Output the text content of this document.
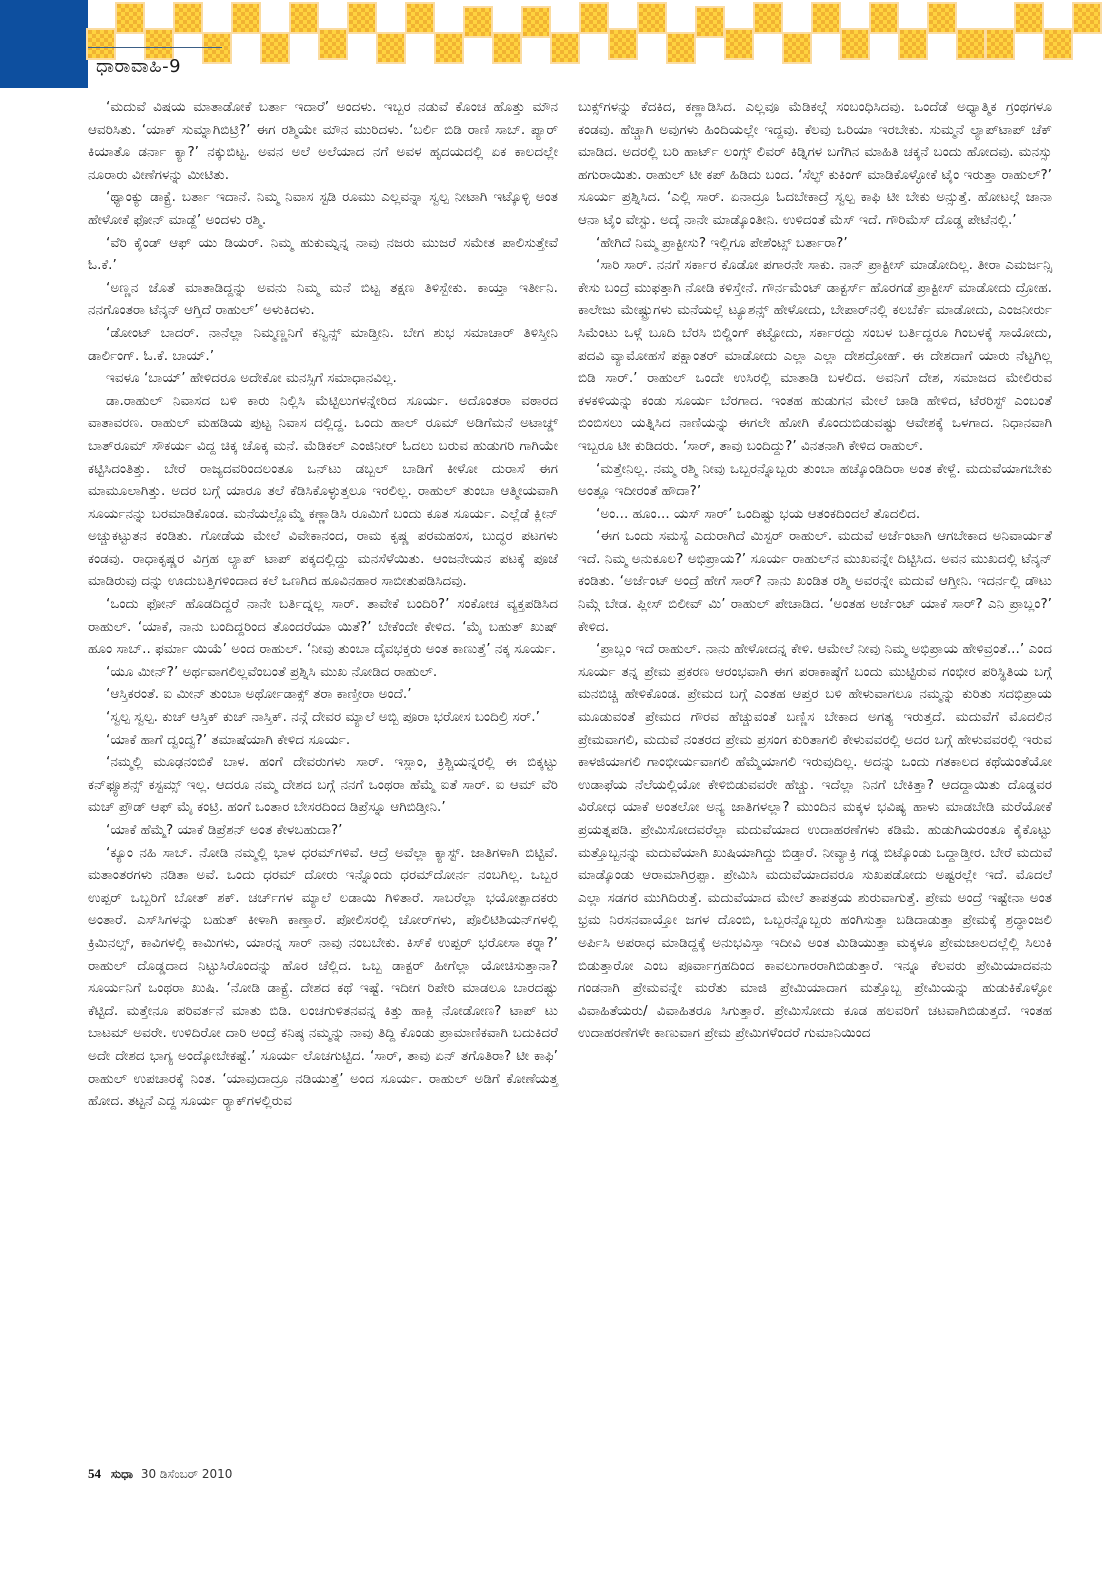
ಧಾರಾವಾಹಿ-9

‘ಮದುವೆ ವಿಷಯ ಮಾತಾಡೋಕೆ ಬರ್ತಾ ಇದಾರೆ’ ಅಂದಳು. ಇಬ್ಬರ ನಡುವೆ ಕೊಂಚ ಹೊತ್ತು ಮೌನ ಆವರಿಸಿತು. ‘ಯಾಕ್ ಸುಮ್ನಾಗಿಬಿಟ್ರಿ?’ ಈಗ ರಶ್ಮಿಯೇ ಮೌನ ಮುರಿದಳು. ‘ಬರ್ಲಿ ಬಿಡಿ ರಾಣಿ ಸಾಬ್. ಪ್ಯಾರ್ ಕಿಯಾತೊ ಡರ್ನಾ ಕ್ಯಾ?’ ನಕ್ಕುಬಿಟ್ಟ. ಅವನ ಅಲೆ ಅಲೆಯಾದ ನಗೆ ಅವಳ ಹೃದಯದಲ್ಲಿ ಏಕ ಕಾಲದಲ್ಲೇ ನೂರಾರು ವೀಣೆಗಳನ್ನು ಮೀಟಿತು.

‘ಥ್ಯಾಂಕ್ಯು ಡಾಕ್ಟ್ರೆ. ಬರ್ತಾ ಇದಾನೆ. ನಿಮ್ಮ ನಿವಾಸ ಸ್ಟಡಿ ರೂಮು ಎಲ್ಲವನ್ನಾ ಸ್ವಲ್ಪ ನೀಟಾಗಿ ಇಟ್ಕೊಳ್ಳಿ ಅಂತ ಹೇಳೋಕೆ ಫೋನ್ ಮಾಡ್ದೆ’ ಅಂದಳು ರಶ್ಮಿ.

‘ವೆರಿ ಕೈಂಡ್ ಆಫ್ ಯು ಡಿಯರ್. ನಿಮ್ಮ ಹುಕುಮ್ನನ್ನ ನಾವು ನಜರು ಮುಜರೆ ಸಮೇತ ಪಾಲಿಸುತ್ತೇವೆ ಓ.ಕೆ.’

‘ಅಣ್ಣನ ಜೊತೆ ಮಾತಾಡಿದ್ದನ್ನು ಅವನು ನಿಮ್ಮ ಮನೆ ಬಿಟ್ಟ ತಕ್ಷಣ ತಿಳಿಸ್ಬೇಕು. ಕಾಯ್ತಾ ಇರ್ತೀನಿ. ನನಗೊಂತರಾ ಟೆನ್ಶನ್ ಆಗ್ತಿದೆ ರಾಹುಲ್’ ಅಳುಕಿದಳು.

‘ಡೋಂಟ್ ಬಾದರ್. ನಾನೆಲ್ಲಾ ನಿಮ್ಮಣ್ಣನಿಗೆ ಕನ್ವಿನ್ಸ್ ಮಾಡ್ತೀನಿ. ಬೇಗ ಶುಭ ಸಮಾಚಾರ್ ತಿಳಿಸ್ತೀನಿ ಡಾರ್ಲಿಂಗ್. ಓ.ಕೆ. ಬಾಯ್.’

ಇವಳೂ ‘ಬಾಯ್’ ಹೇಳಿದರೂ ಅದೇಕೋ ಮನಸ್ಸಿಗೆ ಸಮಾಧಾನವಿಲ್ಲ.

ಡಾ.ರಾಹುಲ್ ನಿವಾಸದ ಬಳಿ ಕಾರು ನಿಲ್ಲಿಸಿ ಮೆಟ್ಟಿಲುಗಳನ್ನೇರಿದ ಸೂರ್ಯ. ಅದೊಂತರಾ ವಠಾರದ ವಾತಾವರಣ. ರಾಹುಲ್ ಮಹಡಿಯ ಪುಟ್ಟ ನಿವಾಸ ದಲ್ಲಿದ್ದ. ಒಂದು ಹಾಲ್ ರೂಮ್ ಅಡಿಗೆಮನೆ ಅಟಾಚ್ಡ್ ಬಾತ್‌ರೂಮ್ ಸೌಕರ್ಯ ವಿದ್ದ ಚಿಕ್ಕ ಚೊಕ್ಕ ಮನೆ. ಮೆಡಿಕಲ್ ಎಂಜಿನೀರ್ ಓದಲು ಬರುವ ಹುಡುಗರಿ ಗಾಗಿಯೇ ಕಟ್ಟಿಸಿದಂತಿತ್ತು. ಬೇರೆ ರಾಜ್ಯದವರಿಂದಲಂತೂ ಒನ್‌ಟು ಡಬ್ಬಲ್ ಬಾಡಿಗೆ ಕೀಳೋ ದುರಾಸೆ ಈಗ ಮಾಮೂಲಾಗಿತ್ತು. ಅದರ ಬಗ್ಗೆ ಯಾರೂ ತಲೆ ಕೆಡಿಸಿಕೊಳ್ಳುತ್ತಲೂ ಇರಲಿಲ್ಲ. ರಾಹುಲ್ ತುಂಬಾ ಆತ್ಮೀಯವಾಗಿ ಸೂರ್ಯನನ್ನು ಬರಮಾಡಿಕೊಂಡ. ಮನೆಯಲ್ಲೊಮ್ಮೆ ಕಣ್ಣಾಡಿಸಿ ರೂಮಿಗೆ ಬಂದು ಕೂತ ಸೂರ್ಯ. ಎಲ್ಲೆಡೆ ಕ್ಲೀನ್ ಅಚ್ಚುಕಟ್ಟುತನ ಕಂಡಿತು. ಗೋಡೆಯ ಮೇಲೆ ವಿವೇಕಾನಂದ, ರಾಮ ಕೃಷ್ಣ ಪರಮಹಂಸ, ಬುದ್ಧರ ಪಟಗಳು ಕಂಡವು. ರಾಧಾಕೃಷ್ಣರ ವಿಗ್ರಹ ಲ್ಯಾಪ್ ಟಾಪ್ ಪಕ್ಕದಲ್ಲಿದ್ದು ಮನಸೆಳೆಯಿತು. ಆಂಜನೇಯನ ಪಟಕ್ಕೆ ಪೂಜೆ ಮಾಡಿರುವು ದನ್ನು ಊದುಬತ್ತಿಗಳಿಂದಾದ ಕಲೆ ಒಣಗಿದ ಹೂವಿನಹಾರ ಸಾಬೀತುಪಡಿಸಿದವು.

‘ಒಂದು ಫೋನ್ ಹೊಡದಿದ್ದರೆ ನಾನೇ ಬರ್ತಿದ್ನಲ್ಲ ಸಾರ್. ತಾವೇಕೆ ಬಂದಿರಿ?’ ಸಂಕೋಚ ವ್ಯಕ್ತಪಡಿಸಿದ ರಾಹುಲ್. ‘ಯಾಕೆ, ನಾನು ಬಂದಿದ್ದರಿಂದ ತೊಂದರೆಯಾ ಯಿತೆ?’ ಬೇಕೆಂದೇ ಕೇಳಿದ. ‘ಮೈ ಬಹುತ್ ಖುಷ್ ಹೂಂ ಸಾಬ್.. ಫರ್ಮಾ ಯಿಯೆ’ ಅಂದ ರಾಹುಲ್. ‘ನೀವು ತುಂಬಾ ದೈವಭಕ್ತರು ಅಂತ ಕಾಣುತ್ತೆ’ ನಕ್ಕ ಸೂರ್ಯ.

‘ಯೂ ಮೀನ್?’ ಅರ್ಥವಾಗಲಿಲ್ಲವೆಂಬಂತೆ ಪ್ರಶ್ನಿಸಿ ಮುಖ ನೋಡಿದ ರಾಹುಲ್.

‘ಆಸ್ತಿಕರಂತೆ. ಐ ಮೀನ್ ತುಂಬಾ ಅರ್ಥೋಡಾಕ್ಸ್ ತರಾ ಕಾಣ್ತೀರಾ ಅಂದೆ.’

‘ಸ್ವಲ್ಪ ಸ್ವಲ್ಪ. ಕುಚ್ ಆಸ್ತಿಕ್ ಕುಚ್ ನಾಸ್ತಿಕ್. ನನ್ಗೆ ದೇವರ ಮ್ಯಾಲೆ ಅಬ್ಬಿ ಪೂರಾ ಭರೋಸ ಬಂದಿಲ್ರಿ ಸರ್.’

‘ಯಾಕೆ ಹಾಗೆ ದ್ವಂದ್ವ?’ ತಮಾಷೆಯಾಗಿ ಕೇಳಿದ ಸೂರ್ಯ.

‘ನಮ್ಮಲ್ಲಿ ಮೂಢನಂಬಿಕೆ ಬಾಳ. ಹಂಗೆ ದೇವರುಗಳು ಸಾರ್. ಇಸ್ಲಾಂ, ಕ್ರಿಶ್ಚಿಯನ್ನರಲ್ಲಿ ಈ ಬಿಕ್ಕಟ್ಟು ಕನ್‌ಫ್ಯೂಶನ್ಸ್ ಕಸ್ಟಮ್ಸ್ ಇಲ್ಲ. ಆದರೂ ನಮ್ಮ ದೇಶದ ಬಗ್ಗೆ ನನಗೆ ಒಂಥರಾ ಹೆಮ್ಮೆ ಐತೆ ಸಾರ್. ಐ ಆಮ್ ವೆರಿ ಮಚ್ ಪ್ರೌಡ್ ಆಫ್ ಮೈ ಕಂಟ್ರಿ. ಹಂಗೆ ಒಂತಾರ ಬೇಸರದಿಂದ ಡಿಪ್ರೆಸ್ನೂ ಆಗಿಬಿಡ್ತೀನಿ.’

‘ಯಾಕೆ ಹೆಮ್ಮೆ? ಯಾಕೆ ಡಿಪ್ರೆಶನ್ ಅಂತ ಕೇಳಬಹುದಾ?’

‘ಕ್ಯೂಂ ನಹಿ ಸಾಬ್. ನೋಡಿ ನಮ್ಮಲ್ಲಿ ಭಾಳ ಧರಮ್‌ಗಳಿವೆ. ಆದ್ರೆ ಅವೆಲ್ಲಾ ಕ್ಯಾಸ್ಟ್. ಜಾತಿಗಳಾಗಿ ಬಿಟ್ಟಿವೆ. ಮತಾಂತರಗಳು ನಡಿತಾ ಅವೆ. ಒಂದು ಧರಮ್ ದೋರು ಇನ್ನೊಂದು ಧರಮ್‌ದೋರ್ನ ನಂಬಗಿಲ್ಲ. ಒಬ್ಬರ ಉಪ್ಪರ್ ಒಬ್ಬರಿಗೆ ಬೋತ್ ಶಕ್. ಚರ್ಚ್‌ಗಳ ಮ್ಯಾಲೆ ಲಡಾಯಿ ಗಿಳಿತಾರೆ. ಸಾಬರೆಲ್ಲಾ ಭಯೋತ್ಪಾದಕರು ಅಂತಾರೆ. ಎಸ್‌ಸಿಗಳನ್ನು ಬಹುತ್ ಕೀಳಾಗಿ ಕಾಣ್ತಾರೆ. ಪೋಲಿಸರಲ್ಲಿ ಚೋರ್‌ಗಳು, ಪೊಲಿಟಿಶಿಯನ್‌ಗಳಲ್ಲಿ ಕ್ರಿಮಿನಲ್ಸ್, ಕಾವಿಗಳಲ್ಲಿ ಕಾಮಿಗಳು, ಯಾರನ್ನ ಸಾರ್ ನಾವು ನಂಬಬೇಕು. ಕಿಸ್‌ಕೆ ಉಪ್ಪರ್ ಭರೋಸಾ ಕರ್‍ನಾ?’ ರಾಹುಲ್ ದೊಡ್ಡದಾದ ನಿಟ್ಟುಸಿರೊಂದನ್ನು ಹೊರ ಚೆಲ್ಲಿದ. ಒಬ್ಬ ಡಾಕ್ಟರ್ ಹೀಗೆಲ್ಲಾ ಯೋಚಿಸುತ್ತಾನಾ? ಸೂರ್ಯನಿಗೆ ಒಂಥರಾ ಖುಷಿ. ‘ನೋಡಿ ಡಾಕ್ಟ್ರೆ. ದೇಶದ ಕಥೆ ಇಷ್ಟೆ. ಇದೀಗ ರಿಪೇರಿ ಮಾಡಲೂ ಬಾರದಷ್ಟು ಕೆಟ್ಟಿದೆ. ಮತ್ತೇನೂ ಪರಿವರ್ತನೆ ಮಾತು ಬಿಡಿ. ಲಂಚಗುಳಿತನವನ್ನ ಕಿತ್ತು ಹಾಕ್ಲಿ ನೋಡೋಣ? ಟಾಪ್ ಟು ಬಾಟಮ್ ಅವರೇ. ಉಳಿದಿರೋ ದಾರಿ ಅಂದ್ರೆ ಕನಿಷ್ಠ ನಮ್ಮನ್ನು ನಾವು ತಿದ್ದಿ ಕೊಂಡು ಪ್ರಾಮಾಣಿಕವಾಗಿ ಬದುಕಿದರೆ ಅದೇ ದೇಶದ ಭಾಗ್ಯ ಅಂದ್ಕೋಬೇಕಷ್ಟೆ.’ ಸೂರ್ಯ ಲೊಚಗುಟ್ಟಿದ. ‘ಸಾರ್, ತಾವು ಏನ್ ತಗೊತಿರಾ? ಟೀ ಕಾಫಿ’ ರಾಹುಲ್ ಉಪಚಾರಕ್ಕೆ ನಿಂತ. ‘ಯಾವುದಾದ್ರೂ ನಡಿಯುತ್ತೆ’ ಅಂದ ಸೂರ್ಯ. ರಾಹುಲ್ ಅಡಿಗೆ ಕೋಣೆಯತ್ತ ಹೋದ. ತಟ್ಟನೆ ಎದ್ದ ಸೂರ್ಯ ರ್‍ಯಾಕ್‌ಗಳಲ್ಲಿರುವ

ಬುಕ್ಸ್‌ಗಳನ್ನು ಕೆದಕಿದ, ಕಣ್ಣಾಡಿಸಿದ. ಎಲ್ಲವೂ ಮೆಡಿಕಲ್ಗೆ ಸಂಬಂಧಿಸಿದವು. ಒಂದೆಡೆ ಅಧ್ಯಾತ್ಮಿಕ ಗ್ರಂಥಗಳೂ ಕಂಡವು. ಹೆಚ್ಚಾಗಿ ಅವುಗಳು ಹಿಂದಿಯಲ್ಲೇ ಇದ್ದವು. ಕೆಲವು ಒರಿಯಾ ಇರಬೇಕು. ಸುಮ್ಮನೆ ಲ್ಯಾಪ್‌ಟಾಪ್ ಚೆಕ್ ಮಾಡಿದ. ಅದರಲ್ಲಿ ಬರಿ ಹಾರ್ಟ್ ಲಂಗ್ಸ್ ಲಿವರ್ ಕಿಡ್ನಿಗಳ ಬಗೆಗಿನ ಮಾಹಿತಿ ಚಕ್ಕನೆ ಬಂದು ಹೋದವು. ಮನಸ್ಸು ಹಗುರಾಯಿತು. ರಾಹುಲ್ ಟೀ ಕಪ್ ಹಿಡಿದು ಬಂದ. ‘ಸೆಲ್ಫ್ ಕುಕಿಂಗ್ ಮಾಡಿಕೊಳ್ಳೋಕೆ ಟೈಂ ಇರುತ್ತಾ ರಾಹುಲ್?’ ಸೂರ್ಯ ಪ್ರಶ್ನಿಸಿದ. ‘ಎಲ್ಲಿ ಸಾರ್. ಏನಾದ್ರೂ ಓದಬೇಕಾದ್ರೆ ಸ್ವಲ್ಪ ಕಾಫಿ ಟೀ ಬೇಕು ಅನ್ಸುತ್ತೆ. ಹೋಟಲ್ಗೆ ಜಾನಾ ಆನಾ ಟೈಂ ವೇಸ್ಟು. ಅದ್ಕೆ ನಾನೇ ಮಾಡ್ಕೊಂತೀನಿ. ಉಳಿದಂತೆ ಮೆಸ್ ಇದೆ. ಗೌರಿಮೆಸ್ ದೊಡ್ಡ ಪೇಟೆನಲ್ಲಿ.’

‘ಹೇಗಿದೆ ನಿಮ್ಮ ಪ್ರಾಕ್ಟೀಸು? ಇಲ್ಲಿಗೂ ಪೇಶೆಂಟ್ಸ್ ಬರ್ತಾರಾ?’

‘ಸಾರಿ ಸಾರ್. ನನಗೆ ಸರ್ಕಾರ ಕೊಡೋ ಪಗಾರನೇ ಸಾಕು. ನಾನ್ ಪ್ರಾಕ್ಟೀಸ್ ಮಾಡೋದಿಲ್ಲ. ತೀರಾ ಎಮರ್ಜನ್ಸಿ ಕೇಸು ಬಂದ್ರೆ ಮುಫತ್ತಾಗಿ ನೋಡಿ ಕಳಿಸ್ತೇನೆ. ಗೌರ್ನಮೆಂಟ್ ಡಾಕ್ಟರ್ಸ್ ಹೊರಗಡೆ ಪ್ರಾಕ್ಟೀಸ್ ಮಾಡೋದು ದ್ರೋಹ. ಕಾಲೇಜು ಮೇಷ್ಟ್ರುಗಳು ಮನೆಯಲ್ಲೆ ಟ್ಯೂಶನ್ಸ್ ಹೇಳೋದು, ಬೇಪಾರ್‌ನಲ್ಲಿ ಕಲಬೆರ್ಕೆ ಮಾಡೋದು, ಎಂಜನೀರ್ರು ಸಿಮೆಂಟು ಒಳ್ಗೆ ಬೂದಿ ಬೆರಸಿ ಬಿಲ್ಡಿಂಗ್ ಕಟ್ಟೋದು, ಸರ್ಕಾರದ್ದು ಸಂಬಳ ಬರ್ತಿದ್ದರೂ ಗಿಂಬಳಕ್ಕೆ ಸಾಯೋದು, ಪದವಿ ವ್ಯಾಮೋಹಸೆ ಪಕ್ಷಾಂತರ್ ಮಾಡೋದು ಎಲ್ಲಾ ಎಲ್ಲಾ ದೇಶದ್ರೋಹ್. ಈ ದೇಶದಾಗೆ ಯಾರು ನೆಟ್ಟಗಿಲ್ಲ ಬಿಡಿ ಸಾರ್.’ ರಾಹುಲ್ ಒಂದೇ ಉಸಿರಲ್ಲಿ ಮಾತಾಡಿ ಬಳಲಿದ. ಅವನಿಗೆ ದೇಶ, ಸಮಾಜದ ಮೇಲಿರುವ ಕಳಕಳಿಯನ್ನು ಕಂಡು ಸೂರ್ಯ ಬೆರಗಾದ. ಇಂತಹ ಹುಡುಗನ ಮೇಲೆ ಚಾಡಿ ಹೇಳಿದ, ಟೆರರಿಸ್ಟ್ ಎಂಬಂತೆ ಬಿಂಬಿಸಲು ಯತ್ನಿಸಿದ ನಾಣಿಯನ್ನು ಈಗಲೇ ಹೋಗಿ ಕೊಂದುಬಿಡುವಷ್ಟು ಆವೇಶಕ್ಕೆ ಒಳಗಾದ. ನಿಧಾನವಾಗಿ ಇಬ್ಬರೂ ಟೀ ಕುಡಿದರು. ‘ಸಾರ್, ತಾವು ಬಂದಿದ್ದು?’ ವಿನತನಾಗಿ ಕೇಳಿದ ರಾಹುಲ್.

‘ಮತ್ತೇನಿಲ್ಲ. ನಮ್ಮ ರಶ್ಮಿ ನೀವು ಒಬ್ಬರನ್ನೊಬ್ಬರು ತುಂಬಾ ಹಚ್ಕೊಂಡಿದಿರಾ ಅಂತ ಕೇಳ್ದೆ. ಮದುವೆಯಾಗಬೇಕು ಅಂತ್ಲೂ ಇದೀರಂತೆ ಹೌದಾ?’

‘ಅಂ... ಹೂಂ... ಯಸ್ ಸಾರ್’ ಒಂದಿಷ್ಟು ಭಯ ಆತಂಕದಿಂದಲೆ ತೊದಲಿದ.

‘ಈಗ ಒಂದು ಸಮಸ್ಯೆ ಎದುರಾಗಿದೆ ಮಿಸ್ಟರ್ ರಾಹುಲ್. ಮದುವೆ ಅರ್ಜೆಂಟಾಗಿ ಆಗಬೇಕಾದ ಅನಿವಾರ್ಯತೆ ಇದೆ. ನಿಮ್ಮ ಅನುಕೂಲ? ಅಭಿಪ್ರಾಯ?’ ಸೂರ್ಯ ರಾಹುಲ್‌ನ ಮುಖವನ್ನೇ ದಿಟ್ಟಿಸಿದ. ಅವನ ಮುಖದಲ್ಲಿ ಟೆನ್ಶನ್ ಕಂಡಿತು. ‘ಅರ್ಜೆಂಟ್ ಅಂದ್ರೆ ಹೇಗೆ ಸಾರ್? ನಾನು ಖಂಡಿತ ರಶ್ಮಿ ಅವರನ್ನೇ ಮದುವೆ ಆಗ್ತೀನಿ. ಇದರ್ನಲ್ಲಿ ಡೌಟು ನಿಮ್ಗೆ ಬೇಡ. ಪ್ಲೀಸ್ ಬಿಲೀವ್ ಮಿ’ ರಾಹುಲ್ ಪೇಚಾಡಿದ. ‘ಅಂತಹ ಅರ್ಜೆಂಟ್ ಯಾಕೆ ಸಾರ್? ಎನಿ ಪ್ರಾಬ್ಲಂ?’ ಕೇಳಿದ.

‘ಪ್ರಾಬ್ಲಂ ಇದೆ ರಾಹುಲ್. ನಾನು ಹೇಳೋದನ್ನ ಕೇಳಿ. ಆಮೇಲೆ ನೀವು ನಿಮ್ಮ ಅಭಿಪ್ರಾಯ ಹೇಳಿವ್ರಂತೆ...’ ಎಂದ ಸೂರ್ಯ ತನ್ನ ಪ್ರೇಮ ಪ್ರಕರಣ ಆರಂಭವಾಗಿ ಈಗ ಪರಾಕಾಷ್ಠೆಗೆ ಬಂದು ಮುಟ್ಟಿರುವ ಗಂಭೀರ ಪರಿಸ್ಥಿತಿಯ ಬಗ್ಗೆ ಮನಬಿಚ್ಚಿ ಹೇಳಿಕೊಂಡ. ಪ್ರೇಮದ ಬಗ್ಗೆ ಎಂತಹ ಆಪ್ತರ ಬಳಿ ಹೇಳುವಾಗಲೂ ನಮ್ಮನ್ನು ಕುರಿತು ಸದಭಿಪ್ರಾಯ ಮೂಡುವಂತೆ ಪ್ರೇಮದ ಗೌರವ ಹೆಚ್ಚುವಂತೆ ಬಣ್ಣಿಸ ಬೇಕಾದ ಅಗತ್ಯ ಇರುತ್ತದೆ. ಮದುವೆಗೆ ಮೊದಲಿನ ಪ್ರೇಮವಾಗಲಿ, ಮದುವೆ ನಂತರದ ಪ್ರೇಮ ಪ್ರಸಂಗ ಕುರಿತಾಗಲಿ ಕೇಳುವವರಲ್ಲಿ ಅದರ ಬಗ್ಗೆ ಹೇಳುವವರಲ್ಲಿ ಇರುವ ಕಾಳಜಿಯಾಗಲಿ ಗಾಂಭೀರ್ಯವಾಗಲಿ ಹೆಮ್ಮೆಯಾಗಲಿ ಇರುವುದಿಲ್ಲ. ಅದನ್ನು ಒಂದು ಗತಕಾಲದ ಕಥೆಯಂತೆಯೋ ಉಡಾಫೆಯ ನೆಲೆಯಲ್ಲಿಯೋ ಕೇಳಿಬಿಡುವವರೇ ಹೆಚ್ಚು. ಇದೆಲ್ಲಾ ನಿನಗೆ ಬೇಕಿತ್ತಾ? ಆದದ್ದಾಯಿತು ದೊಡ್ಡವರ ವಿರೋಧ ಯಾಕೆ ಅಂತಲೋ ಅನ್ಯ ಜಾತಿಗಳಲ್ಲಾ? ಮುಂದಿನ ಮಕ್ಕಳ ಭವಿಷ್ಯ ಹಾಳು ಮಾಡಬೇಡಿ ಮರೆಯೋಕೆ ಪ್ರಯತ್ನಪಡಿ. ಪ್ರೇಮಿಸೋದವರೆಲ್ಲಾ ಮದುವೆಯಾದ ಉದಾಹರಣೆಗಳು ಕಡಿಮೆ. ಹುಡುಗಿಯರಂತೂ ಕೈಕೊಟ್ಟು ಮತ್ತೊಬ್ಬನನ್ನು ಮದುವೆಯಾಗಿ ಖುಷಿಯಾಗಿದ್ದು ಬಿಡ್ತಾರೆ. ನೀವ್ಯಾಕ್ರಿ ಗಡ್ಡ ಬಿಟ್ಕೊಂಡು ಒದ್ದಾಡ್ತೀರ. ಬೇರೆ ಮದುವೆ ಮಾಡ್ಕೊಂಡು ಆರಾಮಾಗಿರ್ರಪ್ಪಾ. ಪ್ರೇಮಿಸಿ ಮದುವೆಯಾದವರೂ ಸುಖಪಡೋದು ಅಷ್ಟರಲ್ಲೇ ಇದೆ. ಮೊದಲೆ ಎಲ್ಲಾ ಸಡಗರ ಮುಗಿದಿರುತ್ತೆ. ಮದುವೆಯಾದ ಮೇಲೆ ತಾಪತ್ರಯ ಶುರುವಾಗುತ್ತೆ. ಪ್ರೇಮ ಅಂದ್ರೆ ಇಷ್ಟೇನಾ ಅಂತ ಭ್ರಮ ನಿರಸನವಾಯ್ತೋ ಜಗಳ ದೊಂಬಿ, ಒಬ್ಬರನ್ನೊಬ್ಬರು ಹಂಗಿಸುತ್ತಾ ಬಡಿದಾಡುತ್ತಾ ಪ್ರೇಮಕ್ಕೆ ಶ್ರದ್ಧಾಂಜಲಿ ಅರ್ಪಿಸಿ ಅಪರಾಧ ಮಾಡಿದ್ದಕ್ಕೆ ಅನುಭವಿಸ್ತಾ ಇದೀವಿ ಅಂತ ಮಿಡಿಯುತ್ತಾ ಮಕ್ಕಳೂ ಪ್ರೇಮಜಾಲದಲ್ಲೆಲ್ಲಿ ಸಿಲುಕಿ ಬಿಡುತ್ತಾರೋ ಎಂಬ ಪೂರ್ವಾಗ್ರಹದಿಂದ ಕಾವಲುಗಾರರಾಗಿಬಿಡುತ್ತಾರೆ. ಇನ್ನೂ ಕೆಲವರು ಪ್ರೇಮಿಯಾದವನು ಗಂಡನಾಗಿ ಪ್ರೇಮವನ್ನೇ ಮರೆತು ಮಾಜಿ ಪ್ರೇಮಿಯಾದಾಗ ಮತ್ತೊಬ್ಬ ಪ್ರೇಮಿಯನ್ನು ಹುಡುಕಿಕೊಳ್ಳೋ ವಿವಾಹಿತೆಯರು/ ವಿವಾಹಿತರೂ ಸಿಗುತ್ತಾರೆ. ಪ್ರೇಮಿಸೋದು ಕೂಡ ಹಲವರಿಗೆ ಚಟವಾಗಿಬಿಡುತ್ತದೆ. ಇಂತಹ ಉದಾಹರಣೆಗಳೇ ಕಾಣುವಾಗ ಪ್ರೇಮ ಪ್ರೇಮಿಗಳೆಂದರೆ ಗುಮಾನಿಯಿಂದ

54 ಸುಧಾ 30 ಡಿಸೆಂಬರ್ 2010
